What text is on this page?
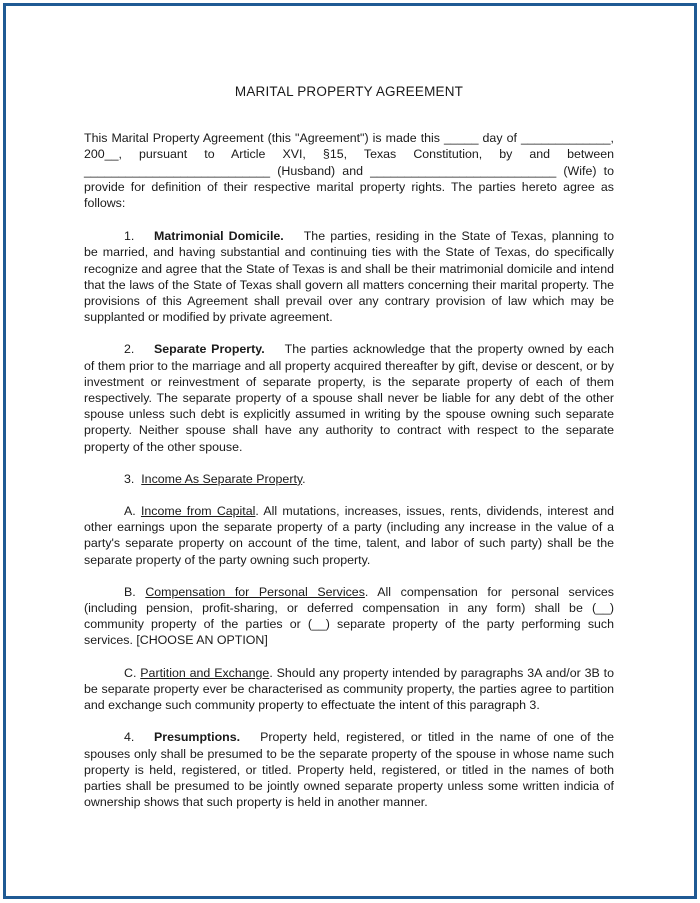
MARITAL PROPERTY AGREEMENT

This Marital Property Agreement (this "Agreement") is made this _____ day of _____________, 200__, pursuant to Article XVI, §15, Texas Constitution, by and between ___________________________ (Husband) and ___________________________ (Wife) to provide for definition of their respective marital property rights. The parties hereto agree as follows:

1. Matrimonial Domicile. The parties, residing in the State of Texas, planning to be married, and having substantial and continuing ties with the State of Texas, do specifically recognize and agree that the State of Texas is and shall be their matrimonial domicile and intend that the laws of the State of Texas shall govern all matters concerning their marital property. The provisions of this Agreement shall prevail over any contrary provision of law which may be supplanted or modified by private agreement.

2. Separate Property. The parties acknowledge that the property owned by each of them prior to the marriage and all property acquired thereafter by gift, devise or descent, or by investment or reinvestment of separate property, is the separate property of each of them respectively. The separate property of a spouse shall never be liable for any debt of the other spouse unless such debt is explicitly assumed in writing by the spouse owning such separate property. Neither spouse shall have any authority to contract with respect to the separate property of the other spouse.

3. Income As Separate Property.

A. Income from Capital. All mutations, increases, issues, rents, dividends, interest and other earnings upon the separate property of a party (including any increase in the value of a party's separate property on account of the time, talent, and labor of such party) shall be the separate property of the party owning such property.

B. Compensation for Personal Services. All compensation for personal services (including pension, profit-sharing, or deferred compensation in any form) shall be (__) community property of the parties or (__) separate property of the party performing such services. [CHOOSE AN OPTION]

C. Partition and Exchange. Should any property intended by paragraphs 3A and/or 3B to be separate property ever be characterised as community property, the parties agree to partition and exchange such community property to effectuate the intent of this paragraph 3.

4. Presumptions. Property held, registered, or titled in the name of one of the spouses only shall be presumed to be the separate property of the spouse in whose name such property is held, registered, or titled. Property held, registered, or titled in the names of both parties shall be presumed to be jointly owned separate property unless some written indicia of ownership shows that such property is held in another manner.
